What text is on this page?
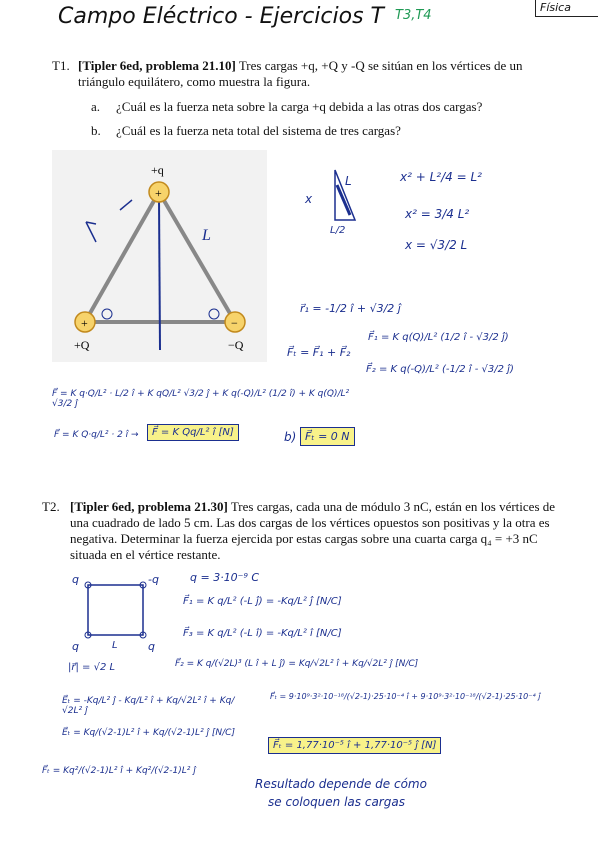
Campo Eléctrico - Ejercicios T T3,T4
Física
T1. [Tipler 6ed, problema 21.10] Tres cargas +q, +Q y -Q se sitúan en los vértices de un triángulo equilátero, como muestra la figura.
a. ¿Cuál es la fuerza neta sobre la carga +q debida a las otras dos cargas?
b. ¿Cuál es la fuerza neta total del sistema de tres cargas?
+
+	−
+q
+Q	−Q
L
L
x
L/2
x² + L²/4 = L²
x² = 3/4 L²
x = √3/2 L
r⃗₁ = -1/2 î + √3/2 ĵ
F⃗₁ = K q(Q)/L² (1/2 î - √3/2 ĵ)
F⃗ₜ = F⃗₁ + F⃗₂
F⃗₂ = K q(-Q)/L² (-1/2 î - √3/2 ĵ)
F⃗ = K q·Q/L² · L/2 î + K qQ/L² √3/2 ĵ + K q(-Q)/L² (1/2 î) + K q(Q)/L² √3/2 ĵ
F⃗ = K Q·q/L² · 2 î →	F⃗ = K Qq/L² î [N]	b) F⃗ₜ = 0 N
T2. [Tipler 6ed, problema 21.30] Tres cargas, cada una de módulo 3 nC, están en los vértices de una cuadrado de lado 5 cm. Las dos cargas de los vértices opuestos son positivas y la otra es negativa. Determinar la fuerza ejercida por estas cargas sobre una cuarta carga q₄ = +3 nC situada en el vértice restante.
q	-q
q	q
L
|r⃗| = √2 L
q = 3·10⁻⁹ C
F⃗₁ = K q/L² (-L ĵ) = -Kq/L² ĵ [N/C]
F⃗₃ = K q/L² (-L î) = -Kq/L² î [N/C]
F⃗₂ = K q/(√2L)³ (L î + L ĵ) = Kq/√2L² î + Kq/√2L² ĵ [N/C]
E⃗ₜ = -Kq/L² ĵ - Kq/L² î + Kq/√2L² î + Kq/√2L² ĵ
E⃗ₜ = Kq/(√2-1)L² î + Kq/(√2-1)L² ĵ [N/C]
F⃗ₜ = Kq²/(√2-1)L² î + Kq²/(√2-1)L² ĵ
F⃗ₜ = 9·10⁹·3²·10⁻¹⁸/(√2-1)·25·10⁻⁴ î + 9·10⁹·3²·10⁻¹⁸/(√2-1)·25·10⁻⁴ ĵ
F⃗ₜ = 1,77·10⁻⁵ î + 1,77·10⁻⁵ ĵ [N]
Resultado depende de cómo
se coloquen las cargas
